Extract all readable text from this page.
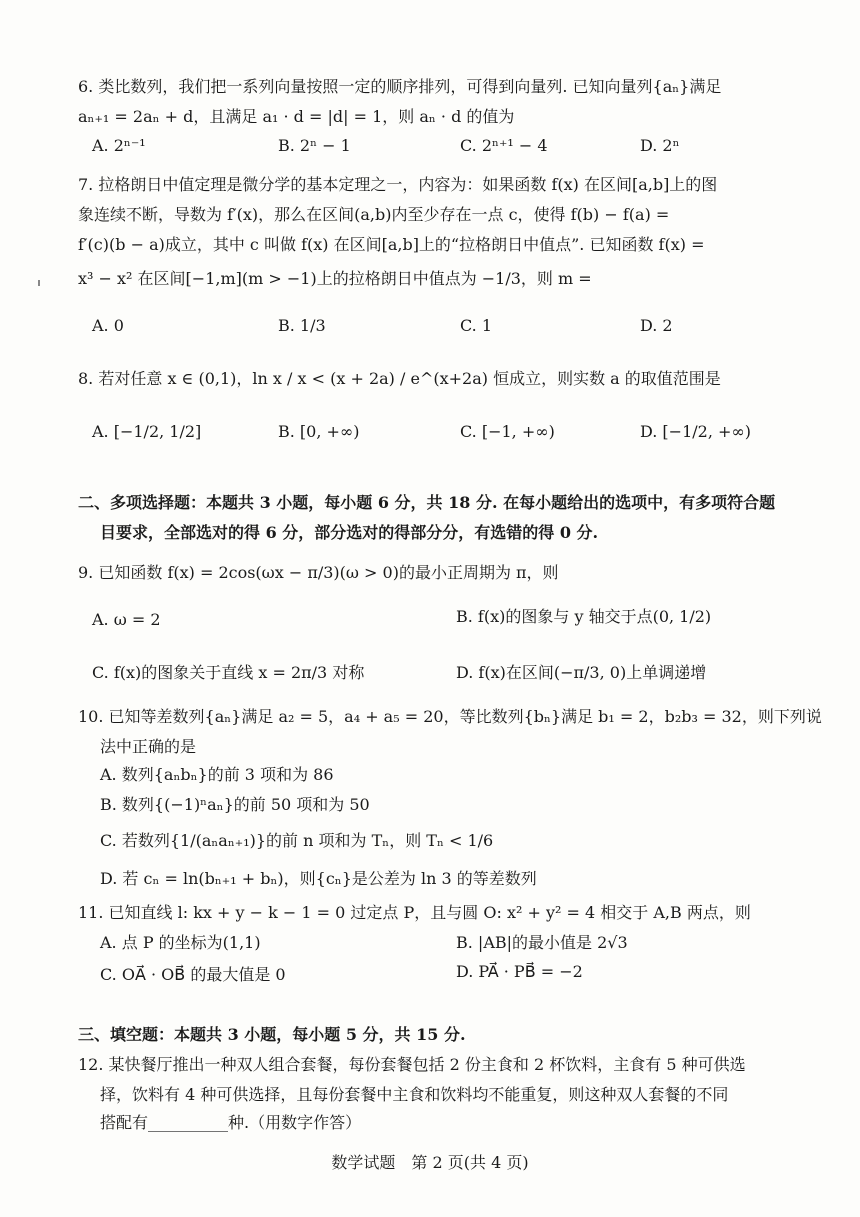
6. 类比数列，我们把一系列向量按照一定的顺序排列，可得到向量列. 已知向量列{aₙ}满足
aₙ₊₁ = 2aₙ + d，且满足 a₁ · d = |d| = 1，则 aₙ · d 的值为
A. 2ⁿ⁻¹	B. 2ⁿ − 1	C. 2ⁿ⁺¹ − 4	D. 2ⁿ
7. 拉格朗日中值定理是微分学的基本定理之一，内容为：如果函数 f(x) 在区间[a,b]上的图
象连续不断，导数为 f′(x)，那么在区间(a,b)内至少存在一点 c，使得 f(b) − f(a) =
f′(c)(b − a)成立，其中 c 叫做 f(x) 在区间[a,b]上的“拉格朗日中值点”. 已知函数 f(x) =
x³ − x² 在区间[−1,m](m > −1)上的拉格朗日中值点为 −1/3，则 m =
A. 0	B. 1/3	C. 1	D. 2
8. 若对任意 x ∈ (0,1)，ln x / x < (x + 2a) / e^(x+2a) 恒成立，则实数 a 的取值范围是
A. [−1/2, 1/2]	B. [0, +∞)	C. [−1, +∞)	D. [−1/2, +∞)
二、多项选择题：本题共 3 小题，每小题 6 分，共 18 分. 在每小题给出的选项中，有多项符合题
目要求，全部选对的得 6 分，部分选对的得部分分，有选错的得 0 分.
9. 已知函数 f(x) = 2cos(ωx − π/3)(ω > 0)的最小正周期为 π，则
A. ω = 2	B. f(x)的图象与 y 轴交于点(0, 1/2)
C. f(x)的图象关于直线 x = 2π/3 对称	D. f(x)在区间(−π/3, 0)上单调递增
10. 已知等差数列{aₙ}满足 a₂ = 5，a₄ + a₅ = 20，等比数列{bₙ}满足 b₁ = 2，b₂b₃ = 32，则下列说
法中正确的是
A. 数列{aₙbₙ}的前 3 项和为 86
B. 数列{(−1)ⁿaₙ}的前 50 项和为 50
C. 若数列{1/(aₙaₙ₊₁)}的前 n 项和为 Tₙ，则 Tₙ < 1/6
D. 若 cₙ = ln(bₙ₊₁ + bₙ)，则{cₙ}是公差为 ln 3 的等差数列
11. 已知直线 l: kx + y − k − 1 = 0 过定点 P，且与圆 O: x² + y² = 4 相交于 A,B 两点，则
A. 点 P 的坐标为(1,1)	B. |AB|的最小值是 2√3
C. OA⃗ · OB⃗ 的最大值是 0	D. PA⃗ · PB⃗ = −2
三、填空题：本题共 3 小题，每小题 5 分，共 15 分.
12. 某快餐厅推出一种双人组合套餐，每份套餐包括 2 份主食和 2 杯饮料，主食有 5 种可供选
择，饮料有 4 种可供选择，且每份套餐中主食和饮料均不能重复，则这种双人套餐的不同
搭配有__________种.（用数字作答）
数学试题　第 2 页(共 4 页)
